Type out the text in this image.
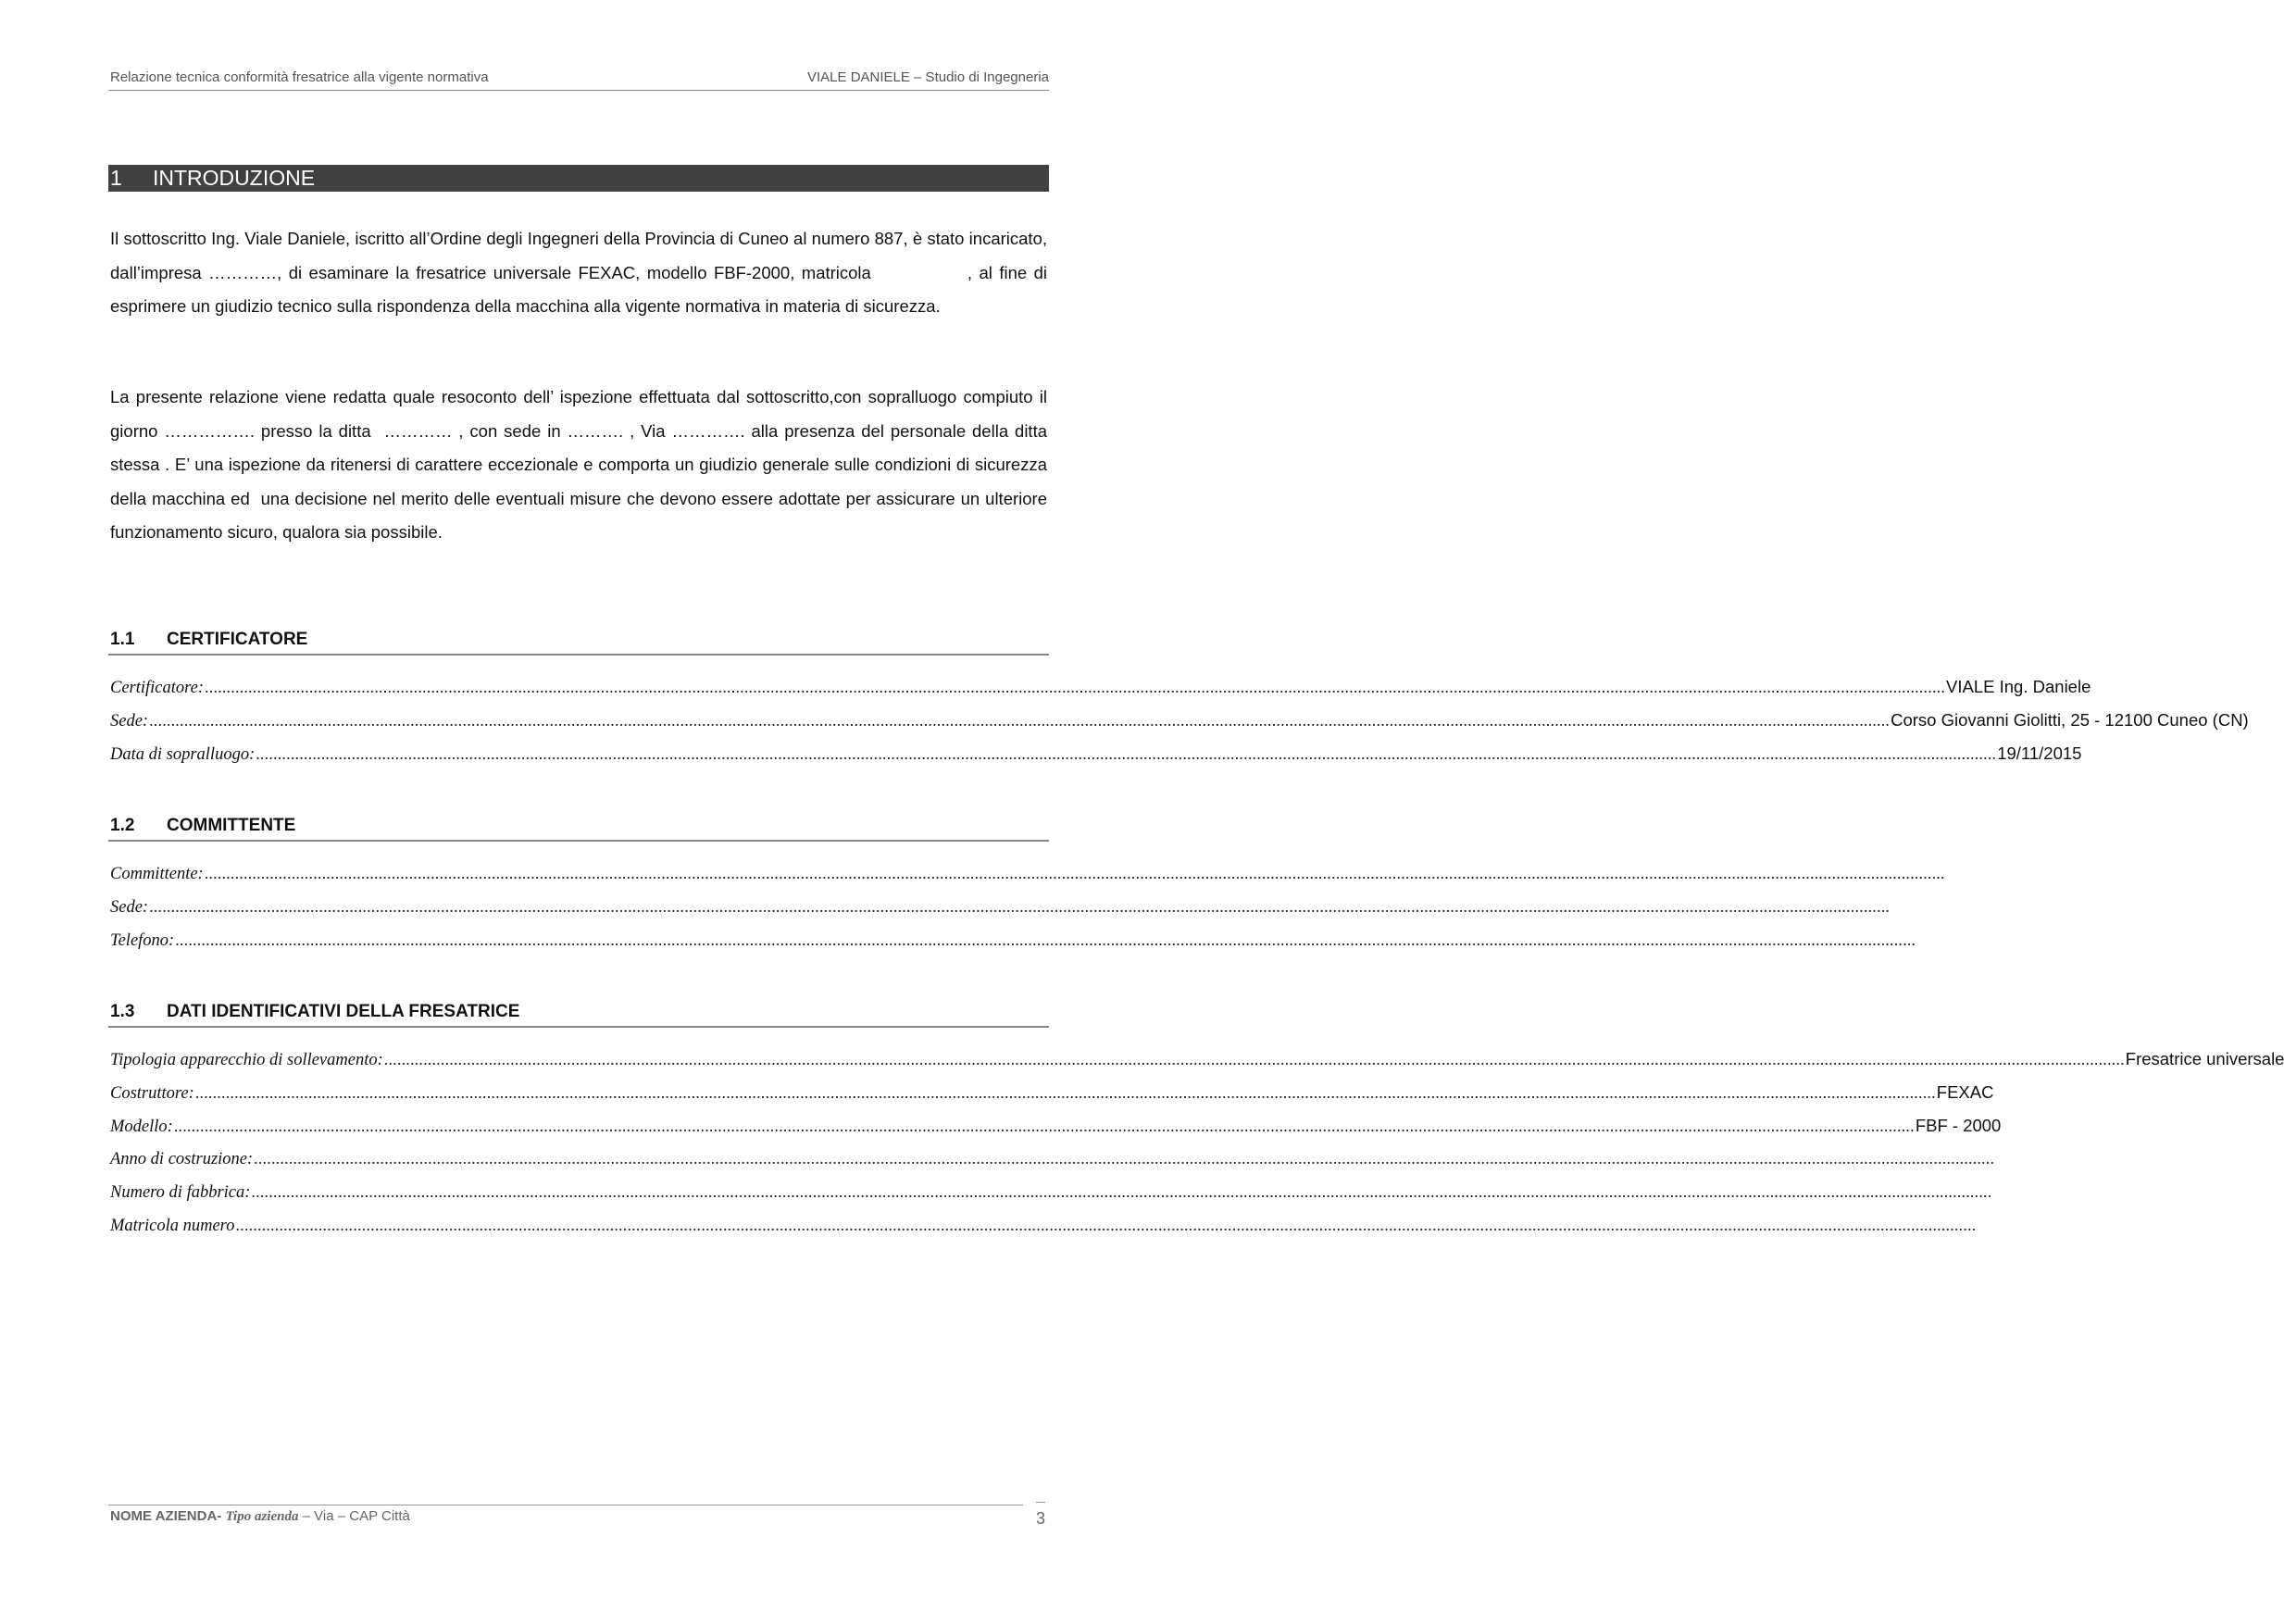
Relazione tecnica conformità fresatrice alla vigente normativa	VIALE DANIELE – Studio di Ingegneria
1 INTRODUZIONE
Il sottoscritto Ing. Viale Daniele, iscritto all’Ordine degli Ingegneri della Provincia di Cuneo al numero 887, è stato incaricato, dall’impresa …………, di esaminare la fresatrice universale FEXAC, modello FBF-2000, matricola              , al fine di esprimere un giudizio tecnico sulla rispondenza della macchina alla vigente normativa in materia di sicurezza.
La presente relazione viene redatta quale resoconto dell’ ispezione effettuata dal sottoscritto,con sopralluogo compiuto il giorno ……………. presso la ditta  ………… , con sede in ………. , Via …………. alla presenza del personale della ditta stessa . E’ una ispezione da ritenersi di carattere eccezionale e comporta un giudizio generale sulle condizioni di sicurezza della macchina ed  una decisione nel merito delle eventuali misure che devono essere adottate per assicurare un ulteriore funzionamento sicuro, qualora sia possibile.
1.1 CERTIFICATORE
Certificatore: ................................................................................................................................................................................................................................................................................................................................................................................................................ VIALE Ing. Daniele
Sede: ................................................................................................................................................................................................................................................................................................................................................................................................................ Corso Giovanni Giolitti, 25 - 12100 Cuneo (CN)
Data di sopralluogo: ................................................................................................................................................................................................................................................................................................................................................................................................................ 19/11/2015
1.2 COMMITTENTE
Committente: ................................................................................................................................................................................................................................................................................................................................................................................................................
Sede: ................................................................................................................................................................................................................................................................................................................................................................................................................
Telefono: ................................................................................................................................................................................................................................................................................................................................................................................................................
1.3 DATI IDENTIFICATIVI DELLA FRESATRICE
Tipologia apparecchio di sollevamento: ................................................................................................................................................................................................................................................................................................................................................................................................................ Fresatrice universale
Costruttore: ................................................................................................................................................................................................................................................................................................................................................................................................................ FEXAC
Modello: ................................................................................................................................................................................................................................................................................................................................................................................................................ FBF - 2000
Anno di costruzione: ................................................................................................................................................................................................................................................................................................................................................................................................................
Numero di fabbrica: ................................................................................................................................................................................................................................................................................................................................................................................................................
Matricola numero ................................................................................................................................................................................................................................................................................................................................................................................................................
NOME AZIENDA- Tipo azienda – Via – CAP Città	3
